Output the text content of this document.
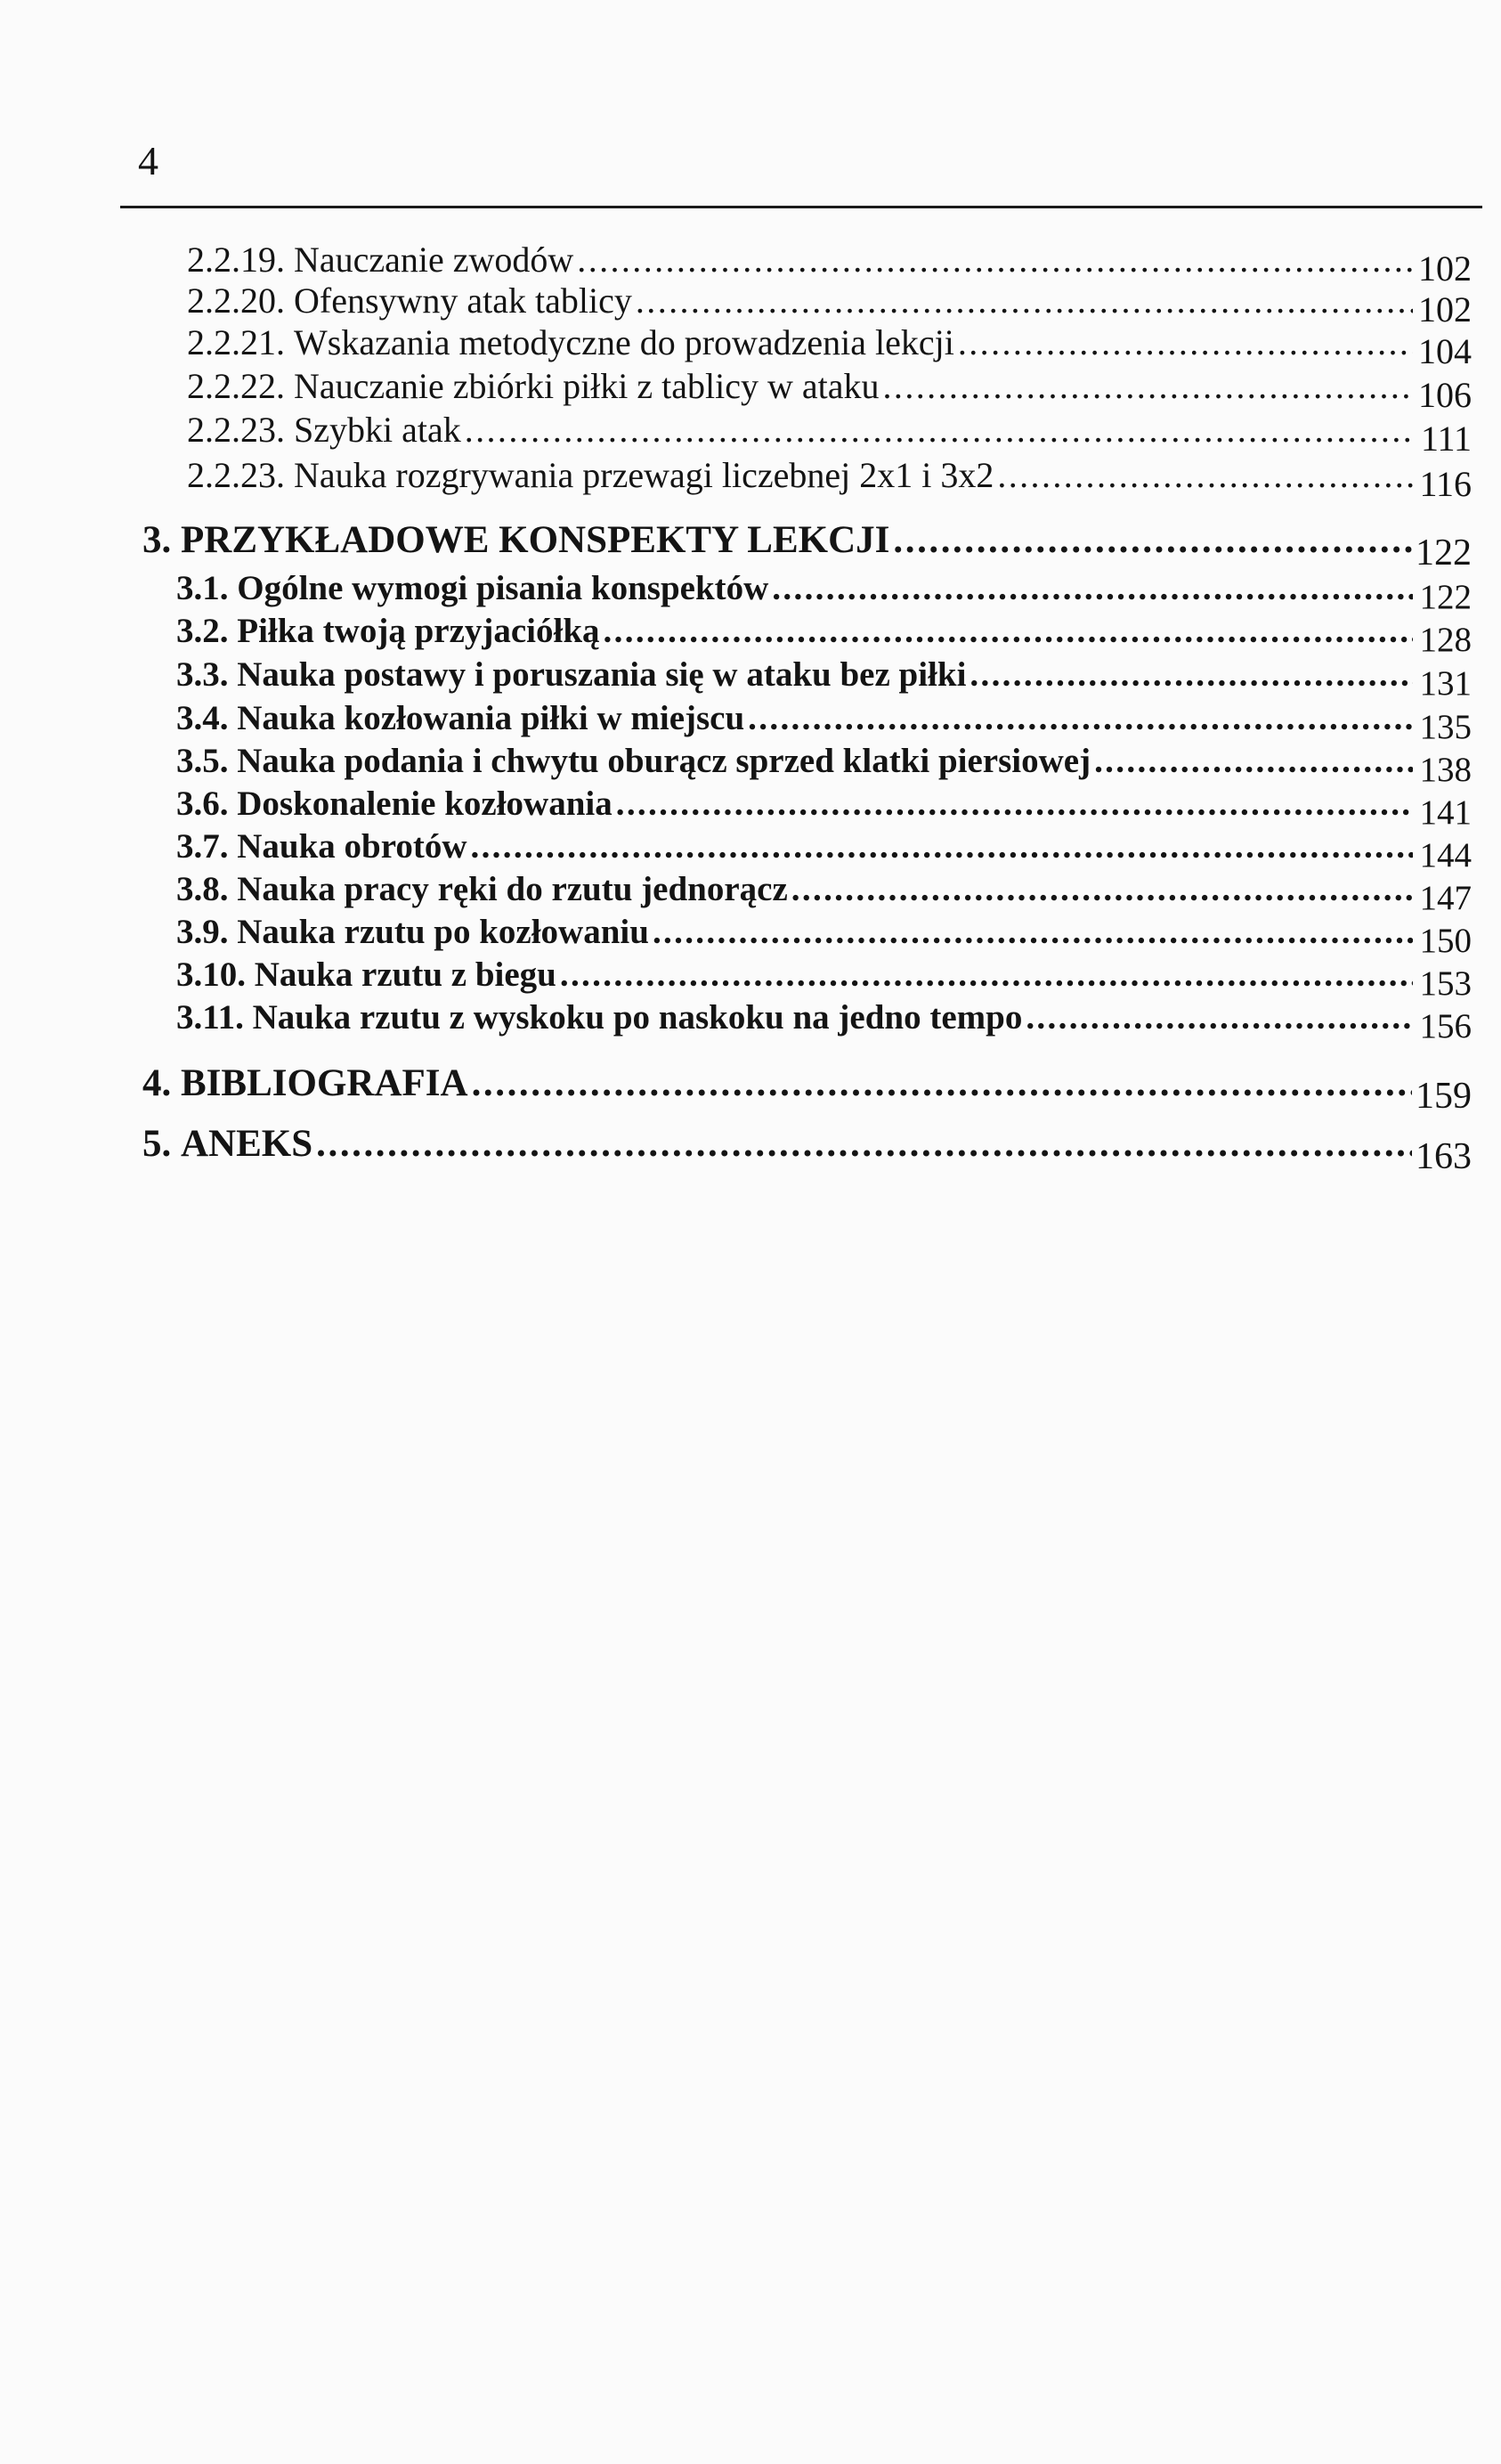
4
2.2.19. Nauczanie zwodów .....	102
2.2.20. Ofensywny atak tablicy .....	102
2.2.21. Wskazania metodyczne do prowadzenia lekcji .....	104
2.2.22. Nauczanie zbiórki piłki z tablicy w ataku .....	106
2.2.23. Szybki atak .....	111
2.2.23. Nauka rozgrywania przewagi liczebnej 2x1 i 3x2 .....	116
3. PRZYKŁADOWE KONSPEKTY LEKCJI .....	122
3.1. Ogólne wymogi pisania konspektów .....	122
3.2. Piłka twoją przyjaciółką .....	128
3.3. Nauka postawy i poruszania się w ataku bez piłki .....	131
3.4. Nauka kozłowania piłki w miejscu .....	135
3.5. Nauka podania i chwytu oburącz sprzed klatki piersiowej .....	138
3.6. Doskonalenie kozłowania .....	141
3.7. Nauka obrotów .....	144
3.8. Nauka pracy ręki do rzutu jednorącz .....	147
3.9. Nauka rzutu po kozłowaniu .....	150
3.10. Nauka rzutu z biegu .....	153
3.11. Nauka rzutu z wyskoku po naskoku na jedno tempo .....	156
4. BIBLIOGRAFIA .....	159
5. ANEKS .....	163
